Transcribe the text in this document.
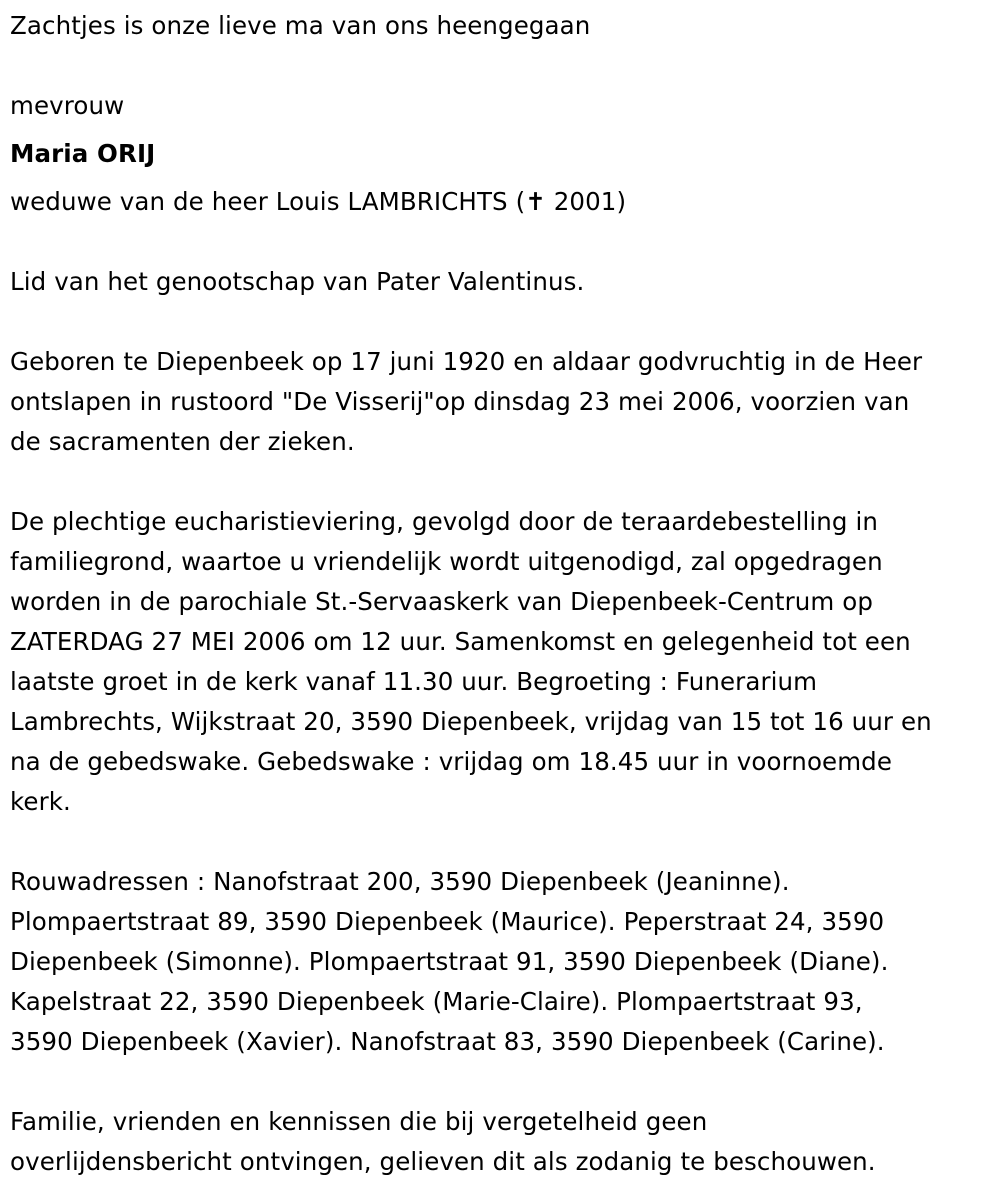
Zachtjes is onze lieve ma van ons heengegaan

mevrouw

Maria ORIJ

weduwe van de heer Louis LAMBRICHTS (✝ 2001)

Lid van het genootschap van Pater Valentinus.

Geboren te Diepenbeek op 17 juni 1920 en aldaar godvruchtig in de Heer

ontslapen in rustoord "De Visserij"op dinsdag 23 mei 2006, voorzien van

de sacramenten der zieken.

De plechtige eucharistieviering, gevolgd door de teraardebestelling in

familiegrond, waartoe u vriendelijk wordt uitgenodigd, zal opgedragen

worden in de parochiale St.-Servaaskerk van Diepenbeek-Centrum op

ZATERDAG 27 MEI 2006 om 12 uur. Samenkomst en gelegenheid tot een

laatste groet in de kerk vanaf 11.30 uur. Begroeting : Funerarium

Lambrechts, Wijkstraat 20, 3590 Diepenbeek, vrijdag van 15 tot 16 uur en

na de gebedswake. Gebedswake : vrijdag om 18.45 uur in voornoemde

kerk.

Rouwadressen : Nanofstraat 200, 3590 Diepenbeek (Jeaninne).

Plompaertstraat 89, 3590 Diepenbeek (Maurice). Peperstraat 24, 3590

Diepenbeek (Simonne). Plompaertstraat 91, 3590 Diepenbeek (Diane).

Kapelstraat 22, 3590 Diepenbeek (Marie-Claire). Plompaertstraat 93,

3590 Diepenbeek (Xavier). Nanofstraat 83, 3590 Diepenbeek (Carine).

Familie, vrienden en kennissen die bij vergetelheid geen

overlijdensbericht ontvingen, gelieven dit als zodanig te beschouwen.
